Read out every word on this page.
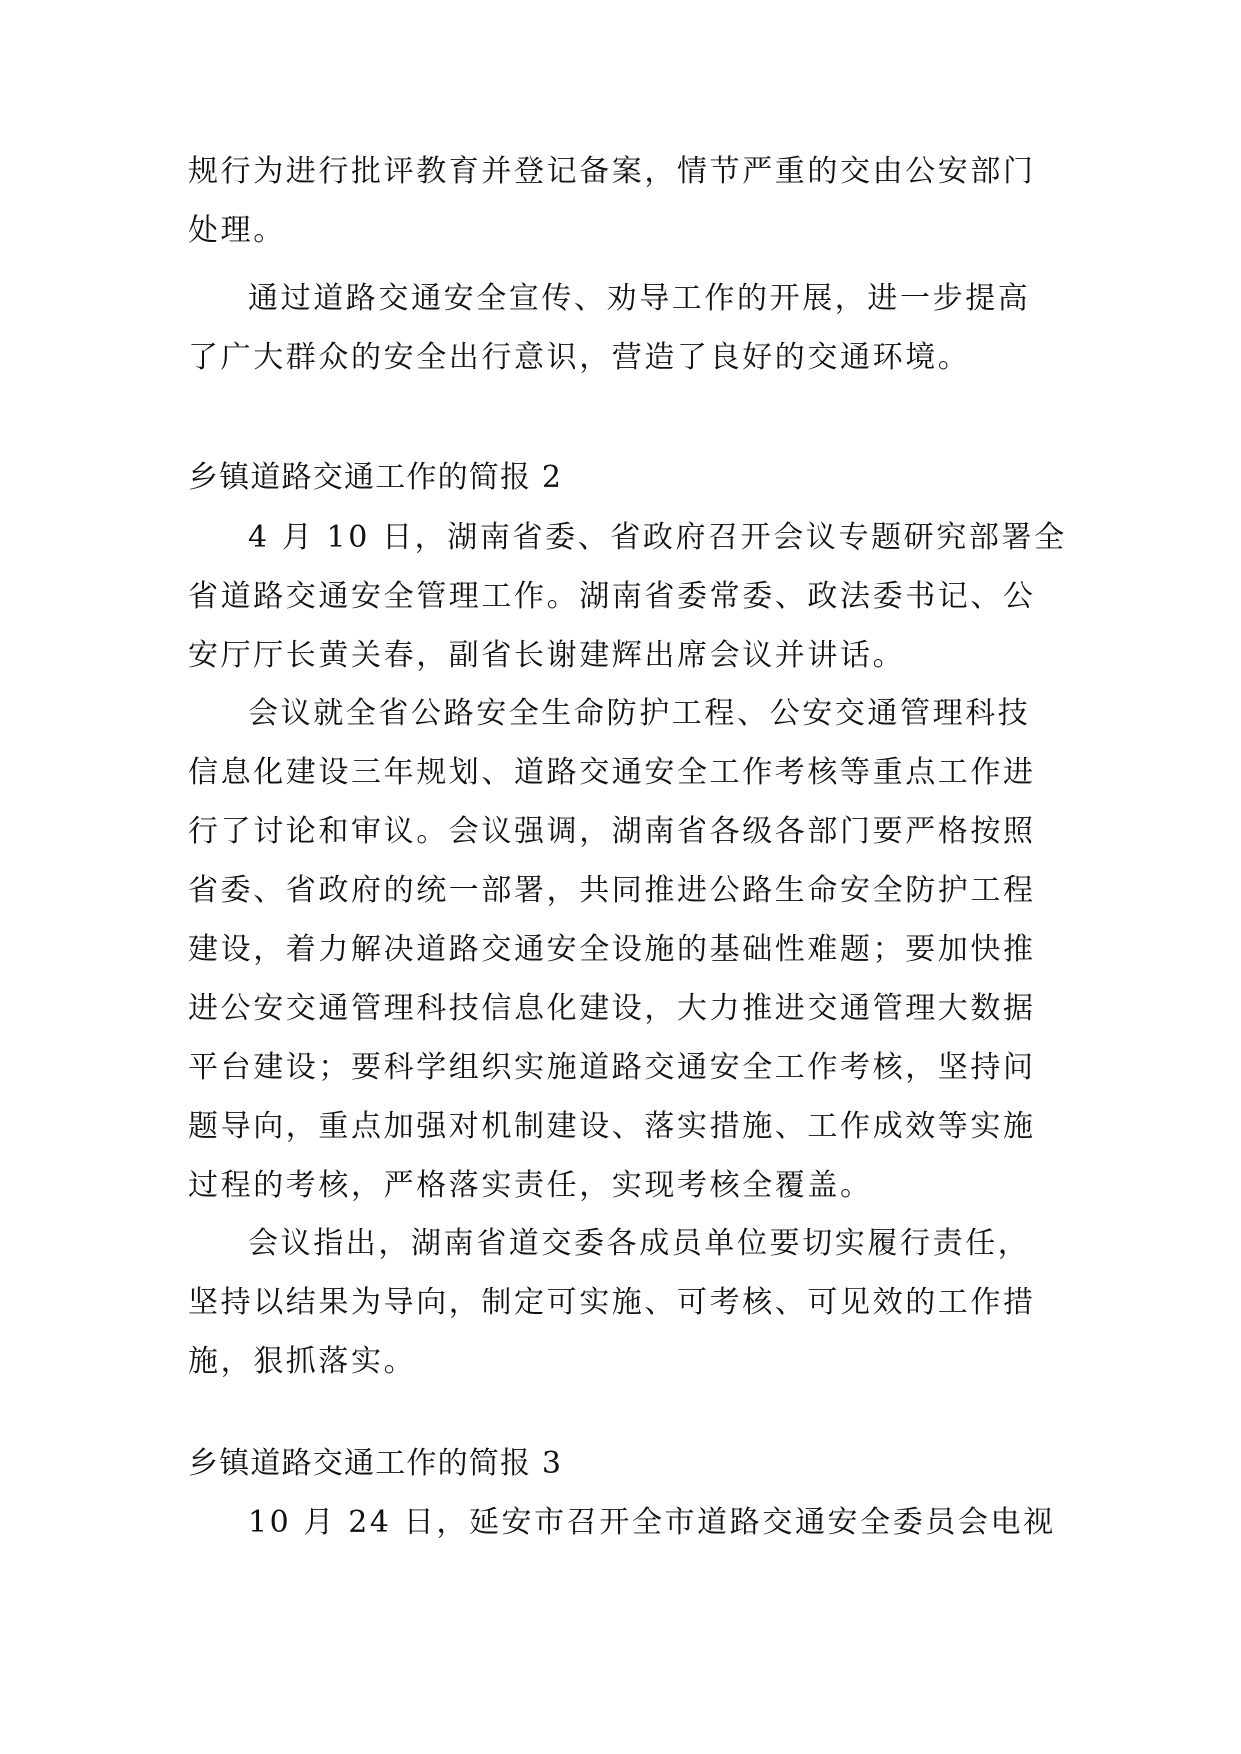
规行为进行批评教育并登记备案，情节严重的交由公安部门
处理。
通过道路交通安全宣传、劝导工作的开展，进一步提高
了广大群众的安全出行意识，营造了良好的交通环境。
乡镇道路交通工作的简报 2
4 月 10 日，湖南省委、省政府召开会议专题研究部署全
省道路交通安全管理工作。湖南省委常委、政法委书记、公
安厅厅长黄关春，副省长谢建辉出席会议并讲话。
会议就全省公路安全生命防护工程、公安交通管理科技
信息化建设三年规划、道路交通安全工作考核等重点工作进
行了讨论和审议。会议强调，湖南省各级各部门要严格按照
省委、省政府的统一部署，共同推进公路生命安全防护工程
建设，着力解决道路交通安全设施的基础性难题；要加快推
进公安交通管理科技信息化建设，大力推进交通管理大数据
平台建设；要科学组织实施道路交通安全工作考核，坚持问
题导向，重点加强对机制建设、落实措施、工作成效等实施
过程的考核，严格落实责任，实现考核全覆盖。
会议指出，湖南省道交委各成员单位要切实履行责任，
坚持以结果为导向，制定可实施、可考核、可见效的工作措
施，狠抓落实。
乡镇道路交通工作的简报 3
10 月 24 日，延安市召开全市道路交通安全委员会电视
